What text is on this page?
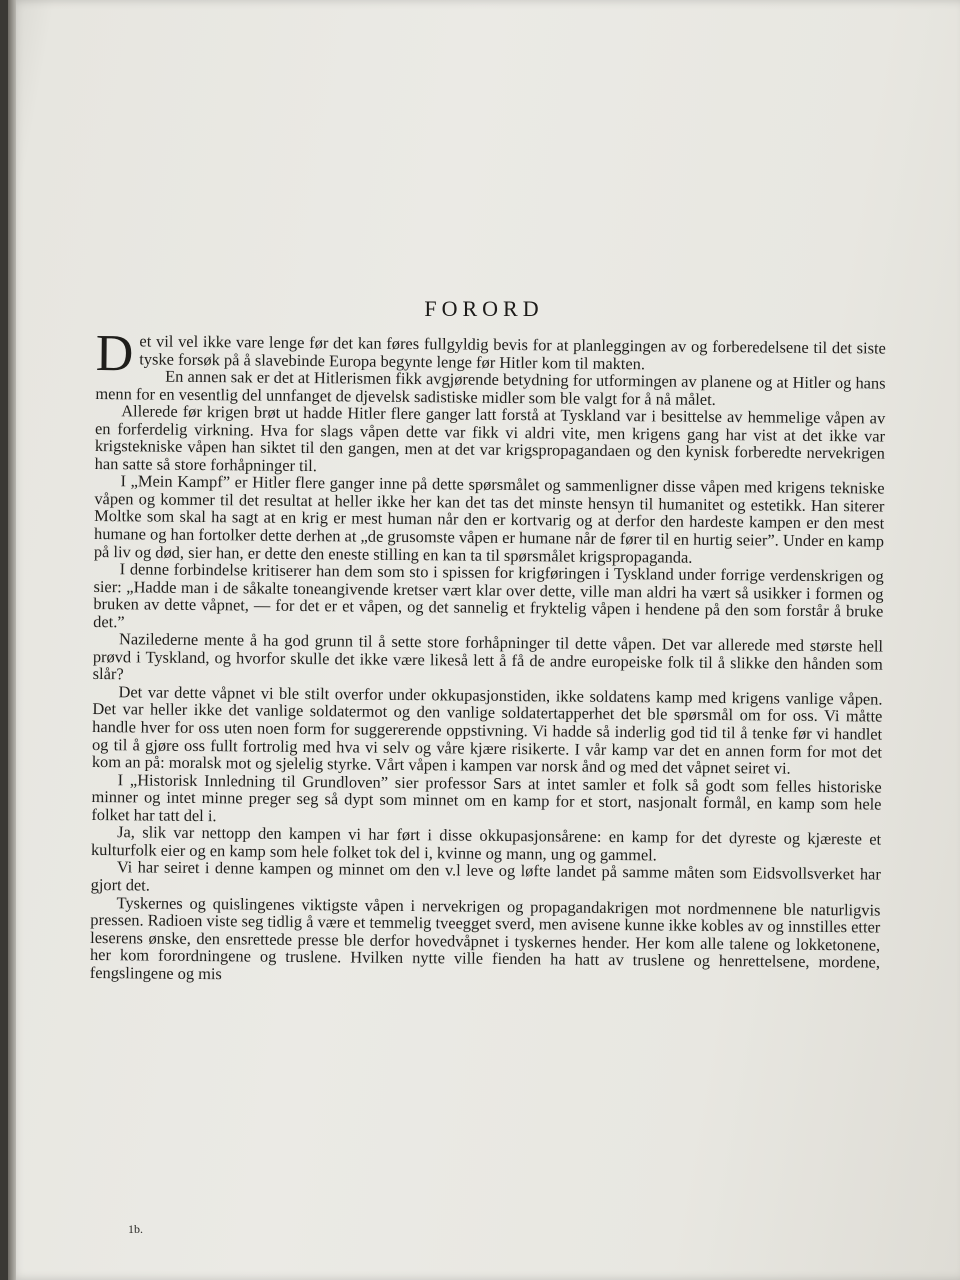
FORORD

Det vil vel ikke vare lenge før det kan føres fullgyldig bevis for at planleggingen av og forberedelsene til det siste tyske forsøk på å slavebinde Europa begynte lenge før Hitler kom til makten.

En annen sak er det at Hitlerismen fikk avgjørende betydning for utformingen av planene og at Hitler og hans menn for en vesentlig del unnfanget de djevelsk sadistiske midler som ble valgt for å nå målet.

Allerede før krigen brøt ut hadde Hitler flere ganger latt forstå at Tyskland var i besittelse av hemmelige våpen av en forferdelig virkning. Hva for slags våpen dette var fikk vi aldri vite, men krigens gang har vist at det ikke var krigstekniske våpen han siktet til den gangen, men at det var krigspropagandaen og den kynisk forberedte nervekrigen han satte så store forhåpninger til.

I „Mein Kampf” er Hitler flere ganger inne på dette spørsmålet og sammenligner disse våpen med krigens tekniske våpen og kommer til det resultat at heller ikke her kan det tas det minste hensyn til humanitet og estetikk. Han siterer Moltke som skal ha sagt at en krig er mest human når den er kortvarig og at derfor den hardeste kampen er den mest humane og han fortolker dette derhen at „de grusomste våpen er humane når de fører til en hurtig seier”. Under en kamp på liv og død, sier han, er dette den eneste stilling en kan ta til spørsmålet krigspropaganda.

I denne forbindelse kritiserer han dem som sto i spissen for krigføringen i Tyskland under forrige verdenskrigen og sier: „Hadde man i de såkalte toneangivende kretser vært klar over dette, ville man aldri ha vært så usikker i formen og bruken av dette våpnet, — for det er et våpen, og det sannelig et fryktelig våpen i hendene på den som forstår å bruke det.”

Nazilederne mente å ha god grunn til å sette store forhåpninger til dette våpen. Det var allerede med største hell prøvd i Tyskland, og hvorfor skulle det ikke være likeså lett å få de andre europeiske folk til å slikke den hånden som slår?

Det var dette våpnet vi ble stilt overfor under okkupasjonstiden, ikke soldatens kamp med krigens vanlige våpen. Det var heller ikke det vanlige soldatermot og den vanlige soldatertapperhet det ble spørsmål om for oss. Vi måtte handle hver for oss uten noen form for suggererende oppstivning. Vi hadde så inderlig god tid til å tenke før vi handlet og til å gjøre oss fullt fortrolig med hva vi selv og våre kjære risikerte. I vår kamp var det en annen form for mot det kom an på: moralsk mot og sjelelig styrke. Vårt våpen i kampen var norsk ånd og med det våpnet seiret vi.

I „Historisk Innledning til Grundloven” sier professor Sars at intet samler et folk så godt som felles historiske minner og intet minne preger seg så dypt som minnet om en kamp for et stort, nasjonalt formål, en kamp som hele folket har tatt del i.

Ja, slik var nettopp den kampen vi har ført i disse okkupasjonsårene: en kamp for det dyreste og kjæreste et kulturfolk eier og en kamp som hele folket tok del i, kvinne og mann, ung og gammel.

Vi har seiret i denne kampen og minnet om den v.l leve og løfte landet på samme måten som Eidsvollsverket har gjort det.

Tyskernes og quislingenes viktigste våpen i nervekrigen og propagandakrigen mot nordmennene ble naturligvis pressen. Radioen viste seg tidlig å være et temmelig tveegget sverd, men avisene kunne ikke kobles av og innstilles etter leserens ønske, den ensrettede presse ble derfor hovedvåpnet i tyskernes hender. Her kom alle talene og lokketonene, her kom forordningene og truslene. Hvilken nytte ville fienden ha hatt av truslene og henrettelsene, mordene, fengslingene og mis

1b.
